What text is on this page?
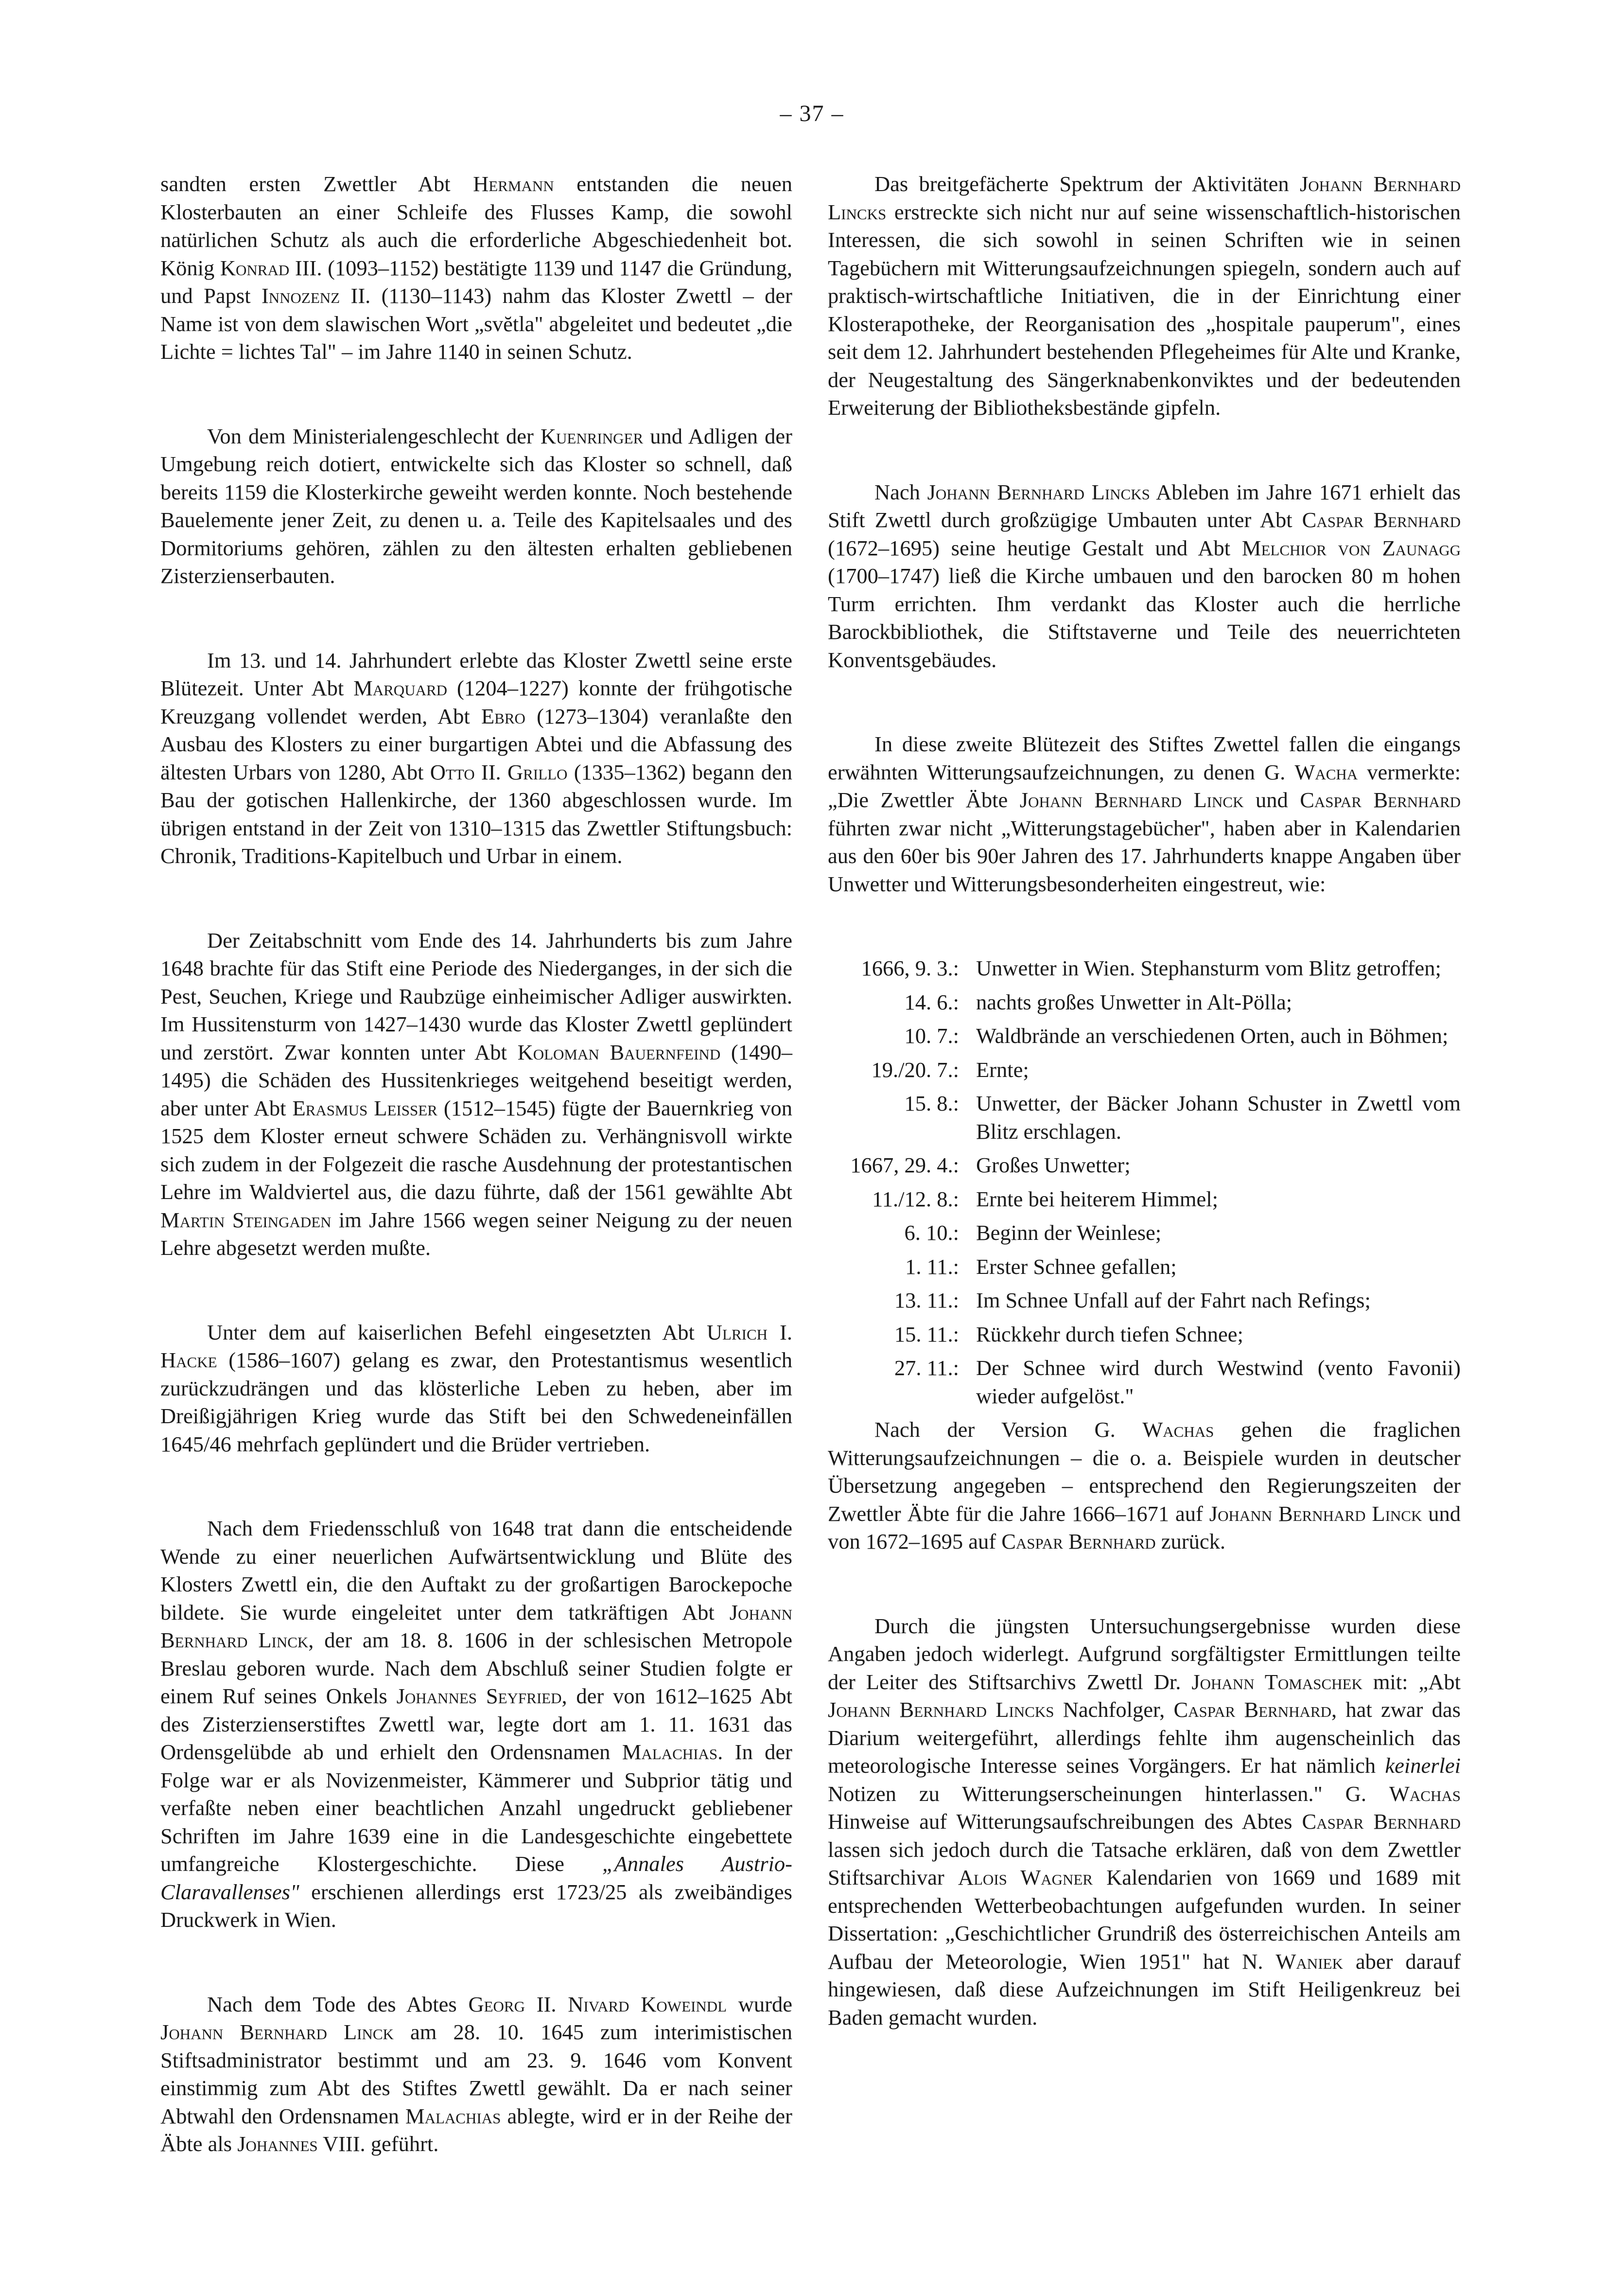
– 37 –

sandten ersten Zwettler Abt Hermann entstanden die neuen Klosterbauten an einer Schleife des Flusses Kamp, die sowohl natürlichen Schutz als auch die erforderliche Abgeschiedenheit bot. König Konrad III. (1093–1152) bestätigte 1139 und 1147 die Gründung, und Papst Innozenz II. (1130–1143) nahm das Kloster Zwettl – der Name ist von dem slawischen Wort „svĕtla" abgeleitet und bedeutet „die Lichte = lichtes Tal" – im Jahre 1140 in seinen Schutz.

Von dem Ministerialengeschlecht der Kuenringer und Adligen der Umgebung reich dotiert, entwickelte sich das Kloster so schnell, daß bereits 1159 die Klosterkirche geweiht werden konnte. Noch bestehende Bauelemente jener Zeit, zu denen u. a. Teile des Kapitelsaales und des Dormitoriums gehören, zählen zu den ältesten erhalten gebliebenen Zisterzienserbauten.

Im 13. und 14. Jahrhundert erlebte das Kloster Zwettl seine erste Blütezeit. Unter Abt Marquard (1204–1227) konnte der frühgotische Kreuzgang vollendet werden, Abt Ebro (1273–1304) veranlaßte den Ausbau des Klosters zu einer burgartigen Abtei und die Abfassung des ältesten Urbars von 1280, Abt Otto II. Grillo (1335–1362) begann den Bau der gotischen Hallenkirche, der 1360 abgeschlossen wurde. Im übrigen entstand in der Zeit von 1310–1315 das Zwettler Stiftungsbuch: Chronik, Traditions-Kapitelbuch und Urbar in einem.

Der Zeitabschnitt vom Ende des 14. Jahrhunderts bis zum Jahre 1648 brachte für das Stift eine Periode des Niederganges, in der sich die Pest, Seuchen, Kriege und Raubzüge einheimischer Adliger auswirkten. Im Hussitensturm von 1427–1430 wurde das Kloster Zwettl geplündert und zerstört. Zwar konnten unter Abt Koloman Bauernfeind (1490–1495) die Schäden des Hussitenkrieges weitgehend beseitigt werden, aber unter Abt Erasmus Leisser (1512–1545) fügte der Bauernkrieg von 1525 dem Kloster erneut schwere Schäden zu. Verhängnisvoll wirkte sich zudem in der Folgezeit die rasche Ausdehnung der protestantischen Lehre im Waldviertel aus, die dazu führte, daß der 1561 gewählte Abt Martin Steingaden im Jahre 1566 wegen seiner Neigung zu der neuen Lehre abgesetzt werden mußte.

Unter dem auf kaiserlichen Befehl eingesetzten Abt Ulrich I. Hacke (1586–1607) gelang es zwar, den Protestantismus wesentlich zurückzudrängen und das klösterliche Leben zu heben, aber im Dreißigjährigen Krieg wurde das Stift bei den Schwedeneinfällen 1645/46 mehrfach geplündert und die Brüder vertrieben.

Nach dem Friedensschluß von 1648 trat dann die entscheidende Wende zu einer neuerlichen Aufwärtsentwicklung und Blüte des Klosters Zwettl ein, die den Auftakt zu der großartigen Barockepoche bildete. Sie wurde eingeleitet unter dem tatkräftigen Abt Johann Bernhard Linck, der am 18. 8. 1606 in der schlesischen Metropole Breslau geboren wurde. Nach dem Abschluß seiner Studien folgte er einem Ruf seines Onkels Johannes Seyfried, der von 1612–1625 Abt des Zisterzienserstiftes Zwettl war, legte dort am 1. 11. 1631 das Ordensgelübde ab und erhielt den Ordensnamen Malachias. In der Folge war er als Novizenmeister, Kämmerer und Subprior tätig und verfaßte neben einer beachtlichen Anzahl ungedruckt gebliebener Schriften im Jahre 1639 eine in die Landesgeschichte eingebettete umfangreiche Klostergeschichte. Diese „Annales Austrio-Claravallenses" erschienen allerdings erst 1723/25 als zweibändiges Druckwerk in Wien.

Nach dem Tode des Abtes Georg II. Nivard Koweindl wurde Johann Bernhard Linck am 28. 10. 1645 zum interimistischen Stiftsadministrator bestimmt und am 23. 9. 1646 vom Konvent einstimmig zum Abt des Stiftes Zwettl gewählt. Da er nach seiner Abtwahl den Ordensnamen Malachias ablegte, wird er in der Reihe der Äbte als Johannes VIII. geführt.

Das breitgefächerte Spektrum der Aktivitäten Johann Bernhard Lincks erstreckte sich nicht nur auf seine wissenschaftlich-historischen Interessen, die sich sowohl in seinen Schriften wie in seinen Tagebüchern mit Witterungsaufzeichnungen spiegeln, sondern auch auf praktisch-wirtschaftliche Initiativen, die in der Einrichtung einer Klosterapotheke, der Reorganisation des „hospitale pauperum", eines seit dem 12. Jahrhundert bestehenden Pflegeheimes für Alte und Kranke, der Neugestaltung des Sängerknabenkonviktes und der bedeutenden Erweiterung der Bibliotheksbestände gipfeln.

Nach Johann Bernhard Lincks Ableben im Jahre 1671 erhielt das Stift Zwettl durch großzügige Umbauten unter Abt Caspar Bernhard (1672–1695) seine heutige Gestalt und Abt Melchior von Zaunagg (1700–1747) ließ die Kirche umbauen und den barocken 80 m hohen Turm errichten. Ihm verdankt das Kloster auch die herrliche Barockbibliothek, die Stiftstaverne und Teile des neuerrichteten Konventsgebäudes.

In diese zweite Blütezeit des Stiftes Zwettel fallen die eingangs erwähnten Witterungsaufzeichnungen, zu denen G. Wacha vermerkte: „Die Zwettler Äbte Johann Bernhard Linck und Caspar Bernhard führten zwar nicht „Witterungstagebücher", haben aber in Kalendarien aus den 60er bis 90er Jahren des 17. Jahrhunderts knappe Angaben über Unwetter und Witterungsbesonderheiten eingestreut, wie:

1666, 9. 3.: Unwetter in Wien. Stephansturm vom Blitz getroffen;
14. 6.: nachts großes Unwetter in Alt-Pölla;
10. 7.: Waldbrände an verschiedenen Orten, auch in Böhmen;
19./20. 7.: Ernte;
15. 8.: Unwetter, der Bäcker Johann Schuster in Zwettl vom Blitz erschlagen.
1667, 29. 4.: Großes Unwetter;
11./12. 8.: Ernte bei heiterem Himmel;
6. 10.: Beginn der Weinlese;
1. 11.: Erster Schnee gefallen;
13. 11.: Im Schnee Unfall auf der Fahrt nach Refings;
15. 11.: Rückkehr durch tiefen Schnee;
27. 11.: Der Schnee wird durch Westwind (vento Favonii) wieder aufgelöst."

Nach der Version G. Wachas gehen die fraglichen Witterungsaufzeichnungen – die o. a. Beispiele wurden in deutscher Übersetzung angegeben – entsprechend den Regierungszeiten der Zwettler Äbte für die Jahre 1666–1671 auf Johann Bernhard Linck und von 1672–1695 auf Caspar Bernhard zurück.

Durch die jüngsten Untersuchungsergebnisse wurden diese Angaben jedoch widerlegt. Aufgrund sorgfältigster Ermittlungen teilte der Leiter des Stiftsarchivs Zwettl Dr. Johann Tomaschek mit: „Abt Johann Bernhard Lincks Nachfolger, Caspar Bernhard, hat zwar das Diarium weitergeführt, allerdings fehlte ihm augenscheinlich das meteorologische Interesse seines Vorgängers. Er hat nämlich keinerlei Notizen zu Witterungserscheinungen hinterlassen." G. Wachas Hinweise auf Witterungsaufschreibungen des Abtes Caspar Bernhard lassen sich jedoch durch die Tatsache erklären, daß von dem Zwettler Stiftsarchivar Alois Wagner Kalendarien von 1669 und 1689 mit entsprechenden Wetterbeobachtungen aufgefunden wurden. In seiner Dissertation: „Geschichtlicher Grundriß des österreichischen Anteils am Aufbau der Meteorologie, Wien 1951" hat N. Waniek aber darauf hingewiesen, daß diese Aufzeichnungen im Stift Heiligenkreuz bei Baden gemacht wurden.
